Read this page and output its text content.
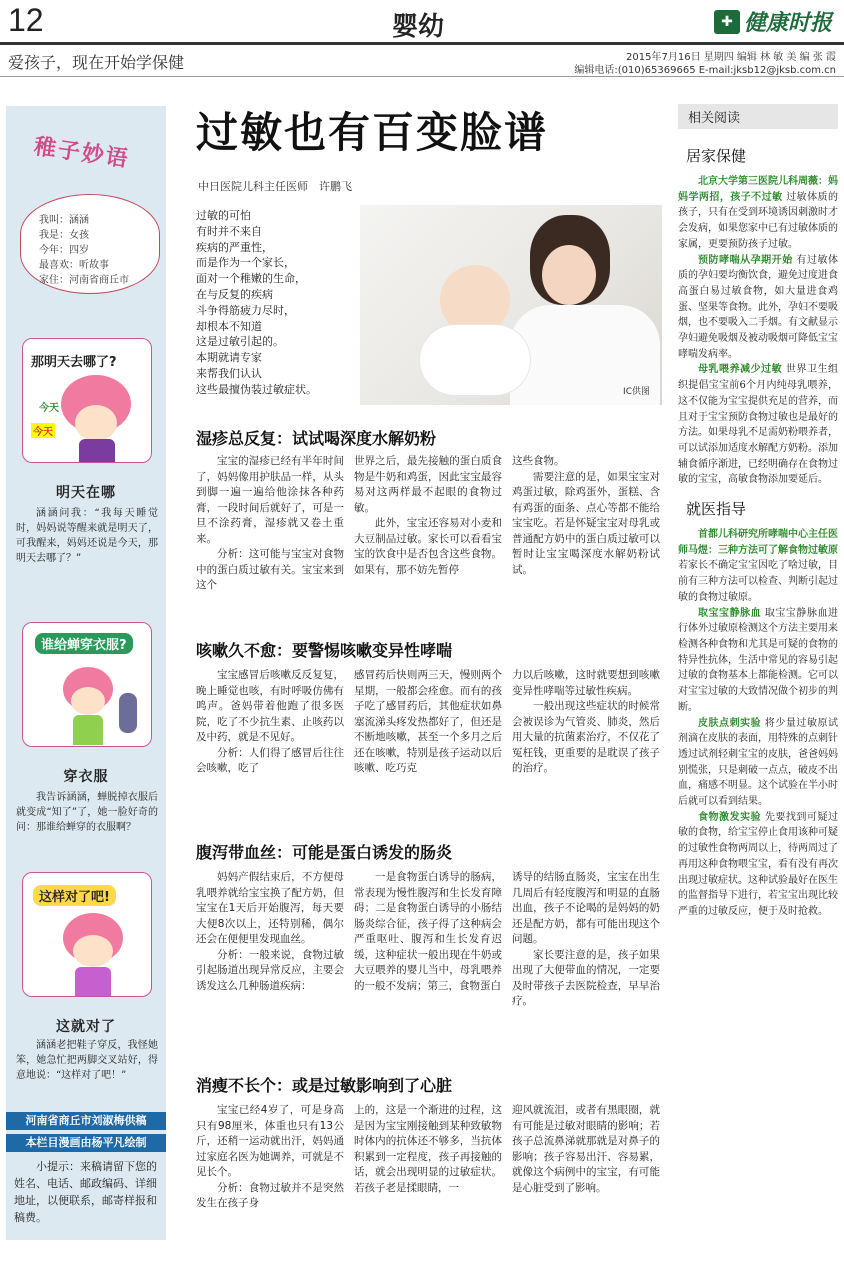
12	婴幼	✚ 健康时报
爱孩子，现在开始学保健	2015年7月16日 星期四 编辑 林 敏 美 编 张 霞
编辑电话:(010)65369665 E-mail:jksb12@jksb.com.cn
稚子妙语
我叫：涵涵
我是：女孩
今年：四岁
最喜欢：听故事
家住：河南省商丘市
那明天去哪了?
今天
今天
明天在哪

涵涵问我：“我每天睡觉时，妈妈说等醒来就是明天了，可我醒来，妈妈还说是今天，那明天去哪了？”

谁给蝉穿衣服?
穿衣服

我告诉涵涵，蝉脱掉衣服后就变成“知了”了，她一脸好奇的问：那谁给蝉穿的衣服啊？

这样对了吧!
这就对了

涵涵老把鞋子穿反，我怪她笨，她急忙把两脚交叉站好，得意地说：“这样对了吧！”

河南省商丘市刘淑梅供稿
本栏目漫画由杨平凡绘制
小提示：来稿请留下您的姓名、电话、邮政编码、详细地址，以便联系，邮寄样报和稿费。
过敏也有百变脸谱
中日医院儿科主任医师　许鹏飞
过敏的可怕
有时并不来自
疾病的严重性，
而是作为一个家长，
面对一个稚嫩的生命，
在与反复的疾病
斗争得筋疲力尽时，
却根本不知道
这是过敏引起的。
本期就请专家
来帮我们认认
这些最擅伪装过敏症状。	IC供图
湿疹总反复：试试喝深度水解奶粉

宝宝的湿疹已经有半年时间了，妈妈像用护肤品一样，从头到脚一遍一遍给他涂抹各种药膏，一段时间后就好了，可是一旦不涂药膏，湿疹就又卷土重来。

分析：这可能与宝宝对食物中的蛋白质过敏有关。宝宝来到这个

世界之后，最先接触的蛋白质食物是牛奶和鸡蛋，因此宝宝最容易对这两样最不起眼的食物过敏。

此外，宝宝还容易对小麦和大豆制品过敏。家长可以看看宝宝的饮食中是否包含这些食物。如果有，那不妨先暂停

这些食物。

需要注意的是，如果宝宝对鸡蛋过敏，除鸡蛋外，蛋糕、含有鸡蛋的面条、点心等都不能给宝宝吃。若是怀疑宝宝对母乳或普通配方奶中的蛋白质过敏可以暂时让宝宝喝深度水解奶粉试试。

咳嗽久不愈：要警惕咳嗽变异性哮喘

宝宝感冒后咳嗽反反复复，晚上睡觉也咳，有时呼吸仿佛有鸣声。爸妈带着他跑了很多医院，吃了不少抗生素、止咳药以及中药，就是不见好。

分析：人们得了感冒后往往会咳嗽，吃了

感冒药后快则两三天，慢则两个星期，一般都会痊愈。而有的孩子吃了感冒药后，其他症状如鼻塞流涕头疼发热都好了，但还是不断地咳嗽，甚至一个多月之后还在咳嗽，特别是孩子运动以后咳嗽、吃巧克

力以后咳嗽，这时就要想到咳嗽变异性哮喘等过敏性疾病。

一般出现这些症状的时候常会被误诊为气管炎、肺炎，然后用大量的抗菌素治疗，不仅花了冤枉钱，更重要的是耽误了孩子的治疗。

腹泻带血丝：可能是蛋白诱发的肠炎

妈妈产假结束后，不方便母乳喂养就给宝宝换了配方奶，但宝宝在1天后开始腹泻，每天要大便8次以上，还特别稀，偶尔还会在便便里发现血丝。

分析：一般来说，食物过敏引起肠道出现异常反应，主要会诱发这么几种肠道疾病：

一是食物蛋白诱导的肠病，常表现为慢性腹泻和生长发育障碍；二是食物蛋白诱导的小肠结肠炎综合征，孩子得了这种病会严重呕吐、腹泻和生长发育迟缓，这种症状一般出现在牛奶或大豆喂养的婴儿当中，母乳喂养的一般不发病；第三，食物蛋白

诱导的结肠直肠炎，宝宝在出生几周后有轻度腹泻和明显的直肠出血，孩子不论喝的是妈妈的奶还是配方奶，都有可能出现这个问题。

家长要注意的是，孩子如果出现了大便带血的情况，一定要及时带孩子去医院检查，早早治疗。

消瘦不长个：或是过敏影响到了心脏

宝宝已经4岁了，可是身高只有98厘米，体重也只有13公斤，还稍一运动就出汗，妈妈通过家庭名医为她调养，可就是不见长个。

分析：食物过敏并不是突然发生在孩子身

上的，这是一个渐进的过程，这是因为宝宝刚接触到某种致敏物时体内的抗体还不够多，当抗体积累到一定程度，孩子再接触的话，就会出现明显的过敏症状。若孩子老是揉眼睛，一

迎风就流泪，或者有黑眼圈，就有可能是过敏对眼睛的影响；若孩子总流鼻涕就那就是对鼻子的影响；孩子容易出汗、容易累，就像这个病例中的宝宝，有可能是心脏受到了影响。

相关阅读
居家保健

北京大学第三医院儿科周薇：妈妈学两招，孩子不过敏 过敏体质的孩子，只有在受到环境诱因刺激时才会发病，如果您家中已有过敏体质的家属，更要预防孩子过敏。

预防哮喘从孕期开始 有过敏体质的孕妇要均衡饮食，避免过度进食高蛋白易过敏食物，如大量进食鸡蛋、坚果等食物。此外，孕妇不要吸烟，也不要吸入二手烟。有文献显示孕妇避免吸烟及被动吸烟可降低宝宝哮喘发病率。

母乳喂养减少过敏 世界卫生组织提倡宝宝前6个月内纯母乳喂养，这不仅能为宝宝提供充足的营养，而且对于宝宝预防食物过敏也是最好的方法。如果母乳不足需奶粉喂养者，可以试添加适度水解配方奶粉。添加辅食循序渐进，已经明确存在食物过敏的宝宝，高敏食物添加要延后。

就医指导

首都儿科研究所哮喘中心主任医师马煜：三种方法可了解食物过敏原 若家长不确定宝宝因吃了啥过敏，目前有三种方法可以检查、判断引起过敏的食物过敏原。

取宝宝静脉血 取宝宝静脉血进行体外过敏原检测这个方法主要用来检测各种食物和尤其是可疑的食物的特异性抗体，生活中常见的容易引起过敏的食物基本上都能检测。它可以对宝宝过敏的大致情况做个初步的判断。

皮肤点刺实验 将少量过敏原试剂滴在皮肤的表面，用特殊的点刺针透过试剂轻刺宝宝的皮肤，爸爸妈妈别慌张，只是刺破一点点，破皮不出血，痛感不明显。这个试验在半小时后就可以看到结果。

食物激发实验 先要找到可疑过敏的食物，给宝宝停止食用该种可疑的过敏性食物两周以上，待两周过了再用这种食物喂宝宝，看有没有再次出现过敏症状。这种试验最好在医生的监督指导下进行，若宝宝出现比较严重的过敏反应，便于及时抢救。
